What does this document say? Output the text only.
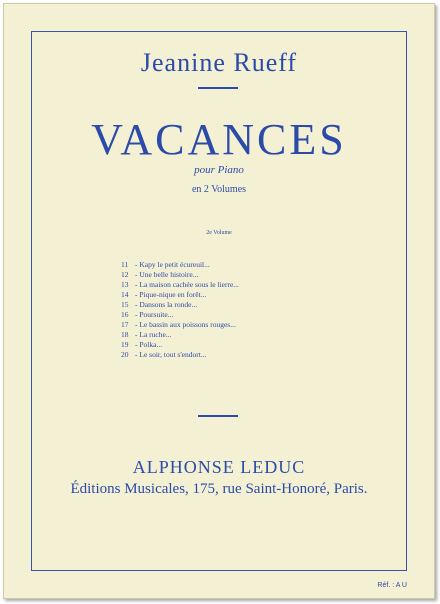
Jeanine Rueff
VACANCES
pour Piano
en 2 Volumes
2e Volume
11 - Kapy le petit écureuil...
12 - Une belle histoire...
13 - La maison cachée sous le lierre...
14 - Pique-nique en forêt...
15 - Dansons la ronde...
16 - Poursuite...
17 - Le bassin aux poissons rouges...
18 - La ruche...
19 - Polka...
20 - Le soir, tout s'endort...
ALPHONSE LEDUC
Éditions Musicales, 175, rue Saint-Honoré, Paris.
Réf. : A U
